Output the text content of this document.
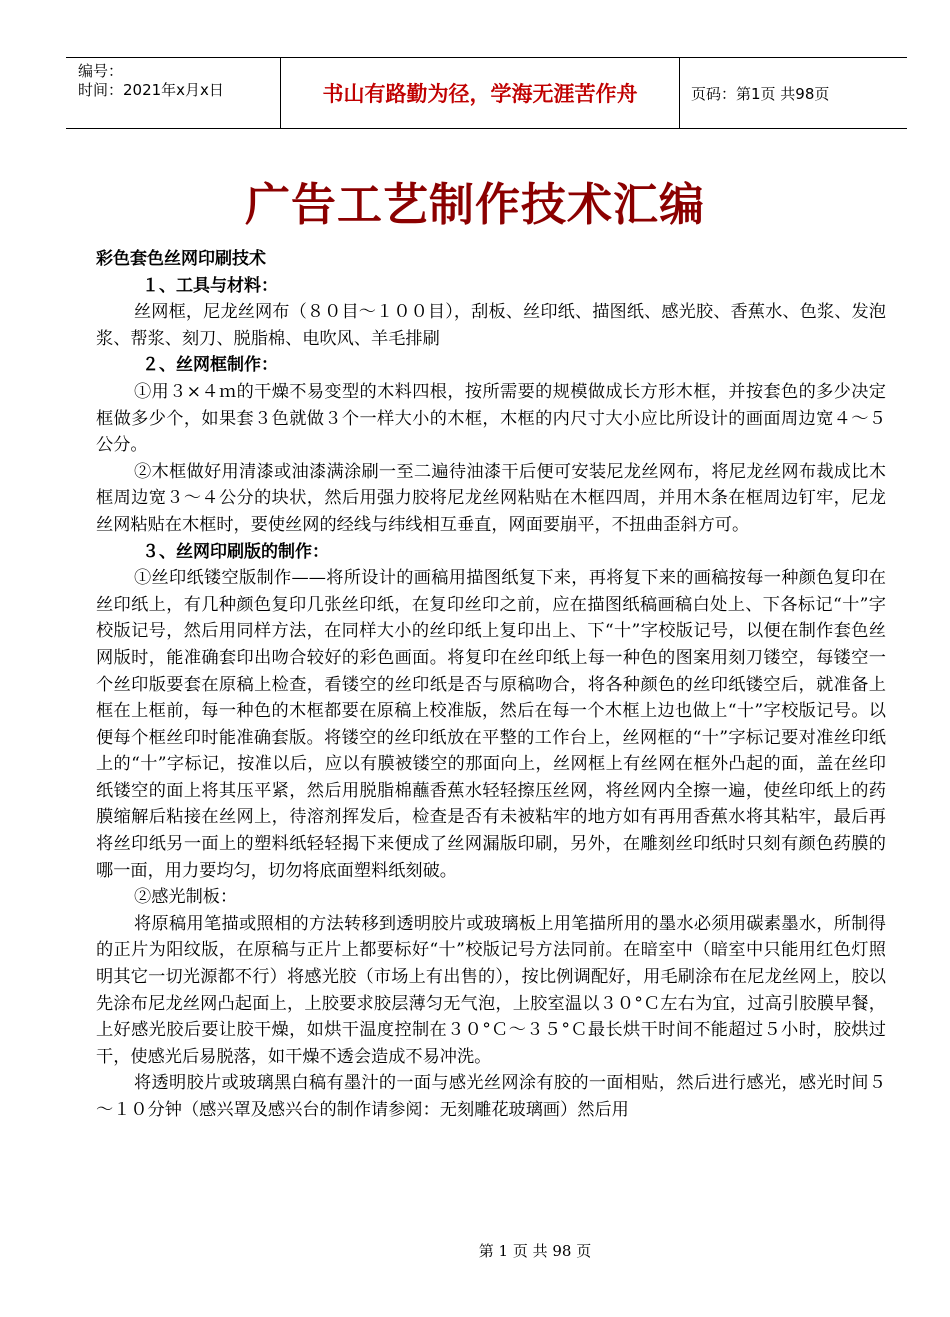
编号：
时间：2021年x月x日	书山有路勤为径，学海无涯苦作舟	页码：第1页 共98页
广告工艺制作技术汇编

彩色套色丝网印刷技术

１、工具与材料：

丝网框，尼龙丝网布（８０目～１００目），刮板、丝印纸、描图纸、感光胶、香蕉水、色浆、发泡浆、帮浆、刻刀、脱脂棉、电吹风、羊毛排刷

２、丝网框制作：

①用３×４ｍ的干燥不易变型的木料四根，按所需要的规模做成长方形木框，并按套色的多少决定框做多少个，如果套３色就做３个一样大小的木框，木框的内尺寸大小应比所设计的画面周边宽４～５公分。

②木框做好用清漆或油漆满涂刷一至二遍待油漆干后便可安装尼龙丝网布，将尼龙丝网布裁成比木框周边宽３～４公分的块状，然后用强力胶将尼龙丝网粘贴在木框四周，并用木条在框周边钉牢，尼龙丝网粘贴在木框时，要使丝网的经线与纬线相互垂直，网面要崩平，不扭曲歪斜方可。

３、丝网印刷版的制作：

①丝印纸镂空版制作——将所设计的画稿用描图纸复下来，再将复下来的画稿按每一种颜色复印在丝印纸上，有几种颜色复印几张丝印纸，在复印丝印之前，应在描图纸稿画稿白处上、下各标记“十”字校版记号，然后用同样方法，在同样大小的丝印纸上复印出上、下“十”字校版记号，以便在制作套色丝网版时，能准确套印出吻合较好的彩色画面。将复印在丝印纸上每一种色的图案用刻刀镂空，每镂空一个丝印版要套在原稿上检查，看镂空的丝印纸是否与原稿吻合，将各种颜色的丝印纸镂空后，就准备上框在上框前，每一种色的木框都要在原稿上校准版，然后在每一个木框上边也做上“十”字校版记号。以便每个框丝印时能准确套版。将镂空的丝印纸放在平整的工作台上，丝网框的“十”字标记要对准丝印纸上的“十”字标记，按准以后，应以有膜被镂空的那面向上，丝网框上有丝网在框外凸起的面，盖在丝印纸镂空的面上将其压平紧，然后用脱脂棉蘸香蕉水轻轻擦压丝网，将丝网内全擦一遍，使丝印纸上的药膜缩解后粘接在丝网上，待溶剂挥发后，检查是否有未被粘牢的地方如有再用香蕉水将其粘牢，最后再将丝印纸另一面上的塑料纸轻轻揭下来便成了丝网漏版印刷，另外，在雕刻丝印纸时只刻有颜色药膜的哪一面，用力要均匀，切勿将底面塑料纸刻破。

②感光制板：

将原稿用笔描或照相的方法转移到透明胶片或玻璃板上用笔描所用的墨水必须用碳素墨水，所制得的正片为阳纹版，在原稿与正片上都要标好“十”校版记号方法同前。在暗室中（暗室中只能用红色灯照明其它一切光源都不行）将感光胶（市场上有出售的），按比例调配好，用毛刷涂布在尼龙丝网上，胶以先涂布尼龙丝网凸起面上，上胶要求胶层薄匀无气泡，上胶室温以３０°Ｃ左右为宜，过高引胶膜早餐，上好感光胶后要让胶干燥，如烘干温度控制在３０°Ｃ～３５°Ｃ最长烘干时间不能超过５小时，胶烘过干，使感光后易脱落，如干燥不透会造成不易冲洗。

将透明胶片或玻璃黑白稿有墨汁的一面与感光丝网涂有胶的一面相贴，然后进行感光，感光时间５～１０分钟（感兴罩及感兴台的制作请参阅：无刻雕花玻璃画）然后用

第 1 页 共 98 页
